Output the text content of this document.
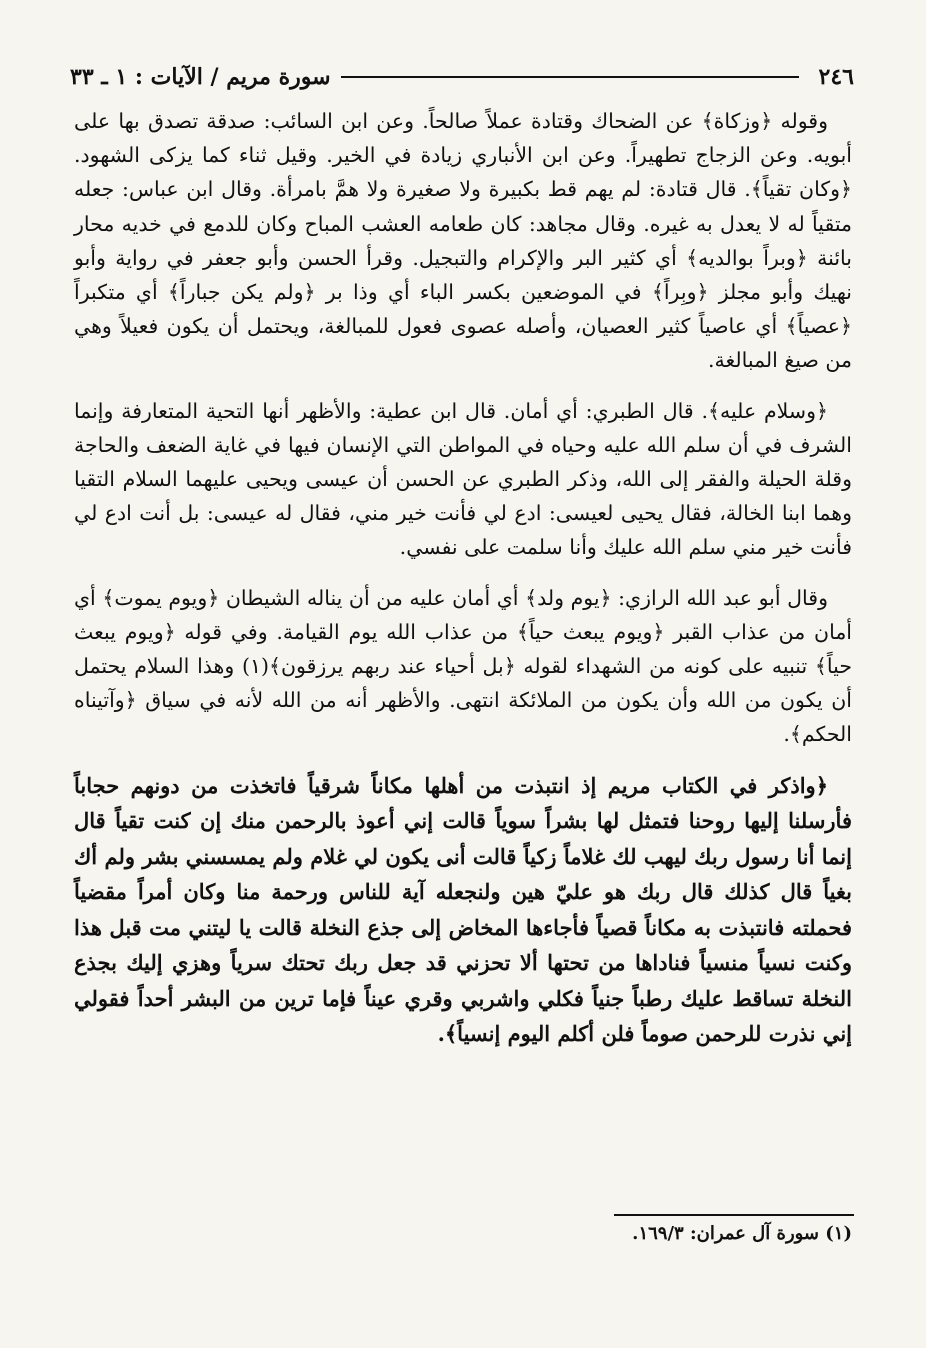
٢٤٦
سورة مريم / الآيات : ١ ـ ٣٣

وقوله ﴿وزكاة﴾ عن الضحاك وقتادة عملاً صالحاً. وعن ابن السائب: صدقة تصدق بها على أبويه. وعن الزجاج تطهيراً. وعن ابن الأنباري زيادة في الخير. وقيل ثناء كما يزكى الشهود. ﴿وكان تقياً﴾. قال قتادة: لم يهم قط بكبيرة ولا صغيرة ولا همَّ بامرأة. وقال ابن عباس: جعله متقياً له لا يعدل به غيره. وقال مجاهد: كان طعامه العشب المباح وكان للدمع في خديه محار بائنة ﴿وبراً بوالديه﴾ أي كثير البر والإكرام والتبجيل. وقرأ الحسن وأبو جعفر في رواية وأبو نهيك وأبو مجلز ﴿وبِراً﴾ في الموضعين بكسر الباء أي وذا بر ﴿ولم يكن جباراً﴾ أي متكبراً ﴿عصياً﴾ أي عاصياً كثير العصيان، وأصله عصوى فعول للمبالغة، ويحتمل أن يكون فعيلاً وهي من صيغ المبالغة.

﴿وسلام عليه﴾. قال الطبري: أي أمان. قال ابن عطية: والأظهر أنها التحية المتعارفة وإنما الشرف في أن سلم الله عليه وحياه في المواطن التي الإنسان فيها في غاية الضعف والحاجة وقلة الحيلة والفقر إلى الله، وذكر الطبري عن الحسن أن عيسى ويحيى عليهما السلام التقيا وهما ابنا الخالة، فقال يحيى لعيسى: ادع لي فأنت خير مني، فقال له عيسى: بل أنت ادع لي فأنت خير مني سلم الله عليك وأنا سلمت على نفسي.

وقال أبو عبد الله الرازي: ﴿يوم ولد﴾ أي أمان عليه من أن يناله الشيطان ﴿ويوم يموت﴾ أي أمان من عذاب القبر ﴿ويوم يبعث حياً﴾ من عذاب الله يوم القيامة. وفي قوله ﴿ويوم يبعث حياً﴾ تنبيه على كونه من الشهداء لقوله ﴿بل أحياء عند ربهم يرزقون﴾(١) وهذا السلام يحتمل أن يكون من الله وأن يكون من الملائكة انتهى. والأظهر أنه من الله لأنه في سياق ﴿وآتيناه الحكم﴾.

﴿واذكر في الكتاب مريم إذ انتبذت من أهلها مكاناً شرقياً فاتخذت من دونهم حجاباً فأرسلنا إليها روحنا فتمثل لها بشراً سوياً قالت إني أعوذ بالرحمن منك إن كنت تقياً قال إنما أنا رسول ربك ليهب لك غلاماً زكياً قالت أنى يكون لي غلام ولم يمسسني بشر ولم أك بغياً قال كذلك قال ربك هو عليّ هين ولنجعله آية للناس ورحمة منا وكان أمراً مقضياً فحملته فانتبذت به مكاناً قصياً فأجاءها المخاض إلى جذع النخلة قالت يا ليتني مت قبل هذا وكنت نسياً منسياً فناداها من تحتها ألا تحزني قد جعل ربك تحتك سرياً وهزي إليك بجذع النخلة تساقط عليك رطباً جنياً فكلي واشربي وقري عيناً فإما ترين من البشر أحداً فقولي إني نذرت للرحمن صوماً فلن أكلم اليوم إنسياً﴾.

(١) سورة آل عمران: ١٦٩/٣.
